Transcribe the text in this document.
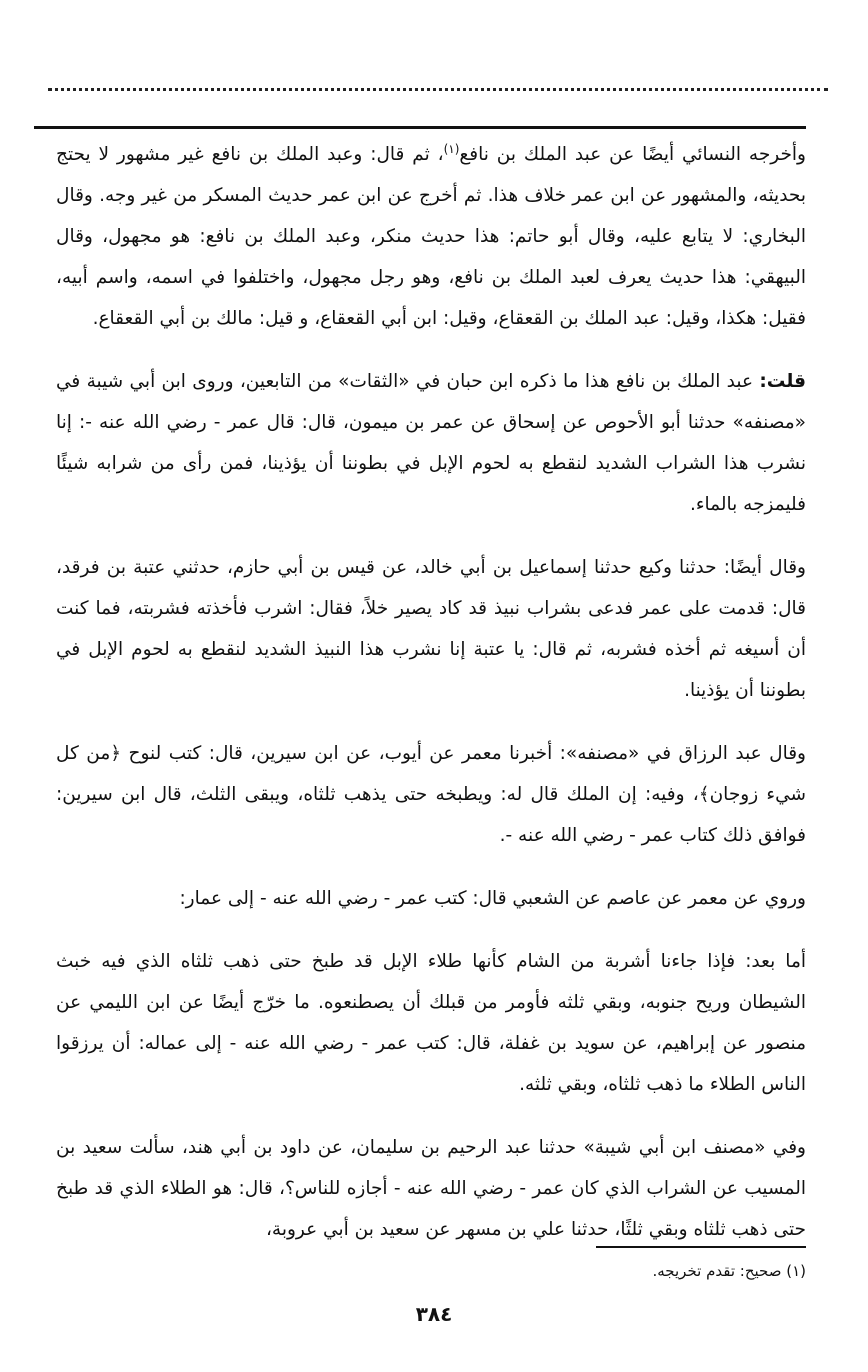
وأخرجه النسائي أيضًا عن عبد الملك بن نافع$^{(١)}$، ثم قال: وعبد الملك بن نافع غير مشهور لا يحتج بحديثه، والمشهور عن ابن عمر خلاف هذا. ثم أخرج عن ابن عمر حديث المسكر من غير وجه. وقال البخاري: لا يتابع عليه، وقال أبو حاتم: هذا حديث منكر، وعبد الملك بن نافع: هو مجهول، وقال البيهقي: هذا حديث يعرف لعبد الملك بن نافع، وهو رجل مجهول، واختلفوا في اسمه، واسم أبيه، فقيل: هكذا، وقيل: عبد الملك بن القعقاع، وقيل: ابن أبي القعقاع، و قيل: مالك بن أبي القعقاع.

قلت: عبد الملك بن نافع هذا ما ذكره ابن حبان في «الثقات» من التابعين، وروى ابن أبي شيبة في «مصنفه» حدثنا أبو الأحوص عن إسحاق عن عمر بن ميمون، قال: قال عمر - رضي الله عنه -: إنا نشرب هذا الشراب الشديد لنقطع به لحوم الإبل في بطوننا أن يؤذينا، فمن رأى من شرابه شيئًا فليمزجه بالماء.

وقال أيضًا: حدثنا وكيع حدثنا إسماعيل بن أبي خالد، عن قيس بن أبي حازم، حدثني عتبة بن فرقد، قال: قدمت على عمر فدعى بشراب نبيذ قد كاد يصير خلاً، فقال: اشرب فأخذته فشربته، فما كنت أن أسيغه ثم أخذه فشربه، ثم قال: يا عتبة إنا نشرب هذا النبيذ الشديد لنقطع به لحوم الإبل في بطوننا أن يؤذينا.

وقال عبد الرزاق في «مصنفه»: أخبرنا معمر عن أيوب، عن ابن سيرين، قال: كتب لنوح ﴿من كل شيء زوجان﴾، وفيه: إن الملك قال له: ويطبخه حتى يذهب ثلثاه، ويبقى الثلث، قال ابن سيرين: فوافق ذلك كتاب عمر - رضي الله عنه -.

وروي عن معمر عن عاصم عن الشعبي قال: كتب عمر - رضي الله عنه - إلى عمار:

أما بعد: فإذا جاءنا أشربة من الشام كأنها طلاء الإبل قد طبخ حتى ذهب ثلثاه الذي فيه خبث الشيطان وريح جنوبه، وبقي ثلثه فأومر من قبلك أن يصطنعوه. ما خرّج أيضًا عن ابن الليمي عن منصور عن إبراهيم، عن سويد بن غفلة، قال: كتب عمر - رضي الله عنه - إلى عماله: أن يرزقوا الناس الطلاء ما ذهب ثلثاه، وبقي ثلثه.

وفي «مصنف ابن أبي شيبة» حدثنا عبد الرحيم بن سليمان، عن داود بن أبي هند، سألت سعيد بن المسيب عن الشراب الذي كان عمر - رضي الله عنه - أجازه للناس؟، قال: هو الطلاء الذي قد طبخ حتى ذهب ثلثاه وبقي ثلثًا، حدثنا علي بن مسهر عن سعيد بن أبي عروبة،

(١) صحيح: تقدم تخريجه.
٣٨٤
